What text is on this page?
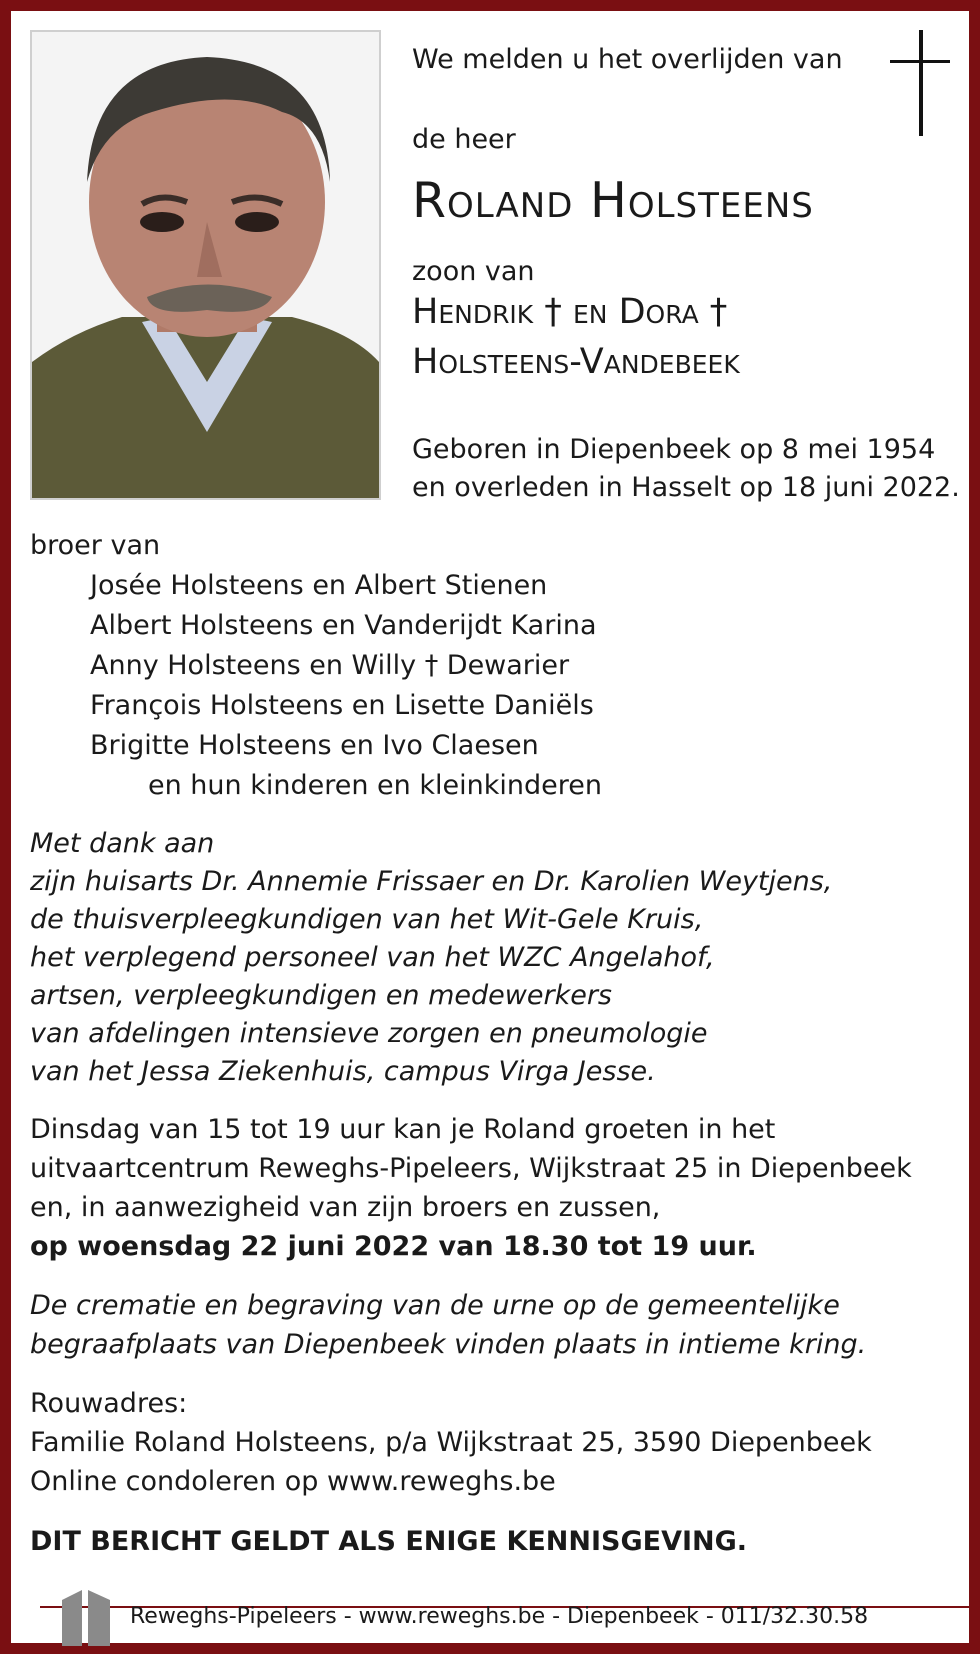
We melden u het overlijden van
de heer
Roland Holsteens
zoon van
Hendrik † en Dora †
Holsteens-Vandebeek
Geboren in Diepenbeek op 8 mei 1954
en overleden in Hasselt op 18 juni 2022.
broer van
Josée Holsteens en Albert Stienen
Albert Holsteens en Vanderijdt Karina
Anny Holsteens en Willy † Dewarier
François Holsteens en Lisette Daniëls
Brigitte Holsteens en Ivo Claesen
en hun kinderen en kleinkinderen
Met dank aan
zijn huisarts Dr. Annemie Frissaer en Dr. Karolien Weytjens,
de thuisverpleegkundigen van het Wit-Gele Kruis,
het verplegend personeel van het WZC Angelahof,
artsen, verpleegkundigen en medewerkers
van afdelingen intensieve zorgen en pneumologie
van het Jessa Ziekenhuis, campus Virga Jesse.
Dinsdag van 15 tot 19 uur kan je Roland groeten in het
uitvaartcentrum Reweghs-Pipeleers, Wijkstraat 25 in Diepenbeek
en, in aanwezigheid van zijn broers en zussen,
op woensdag 22 juni 2022 van 18.30 tot 19 uur.
De crematie en begraving van de urne op de gemeentelijke
begraafplaats van Diepenbeek vinden plaats in intieme kring.
Rouwadres:
Familie Roland Holsteens, p/a Wijkstraat 25, 3590 Diepenbeek
Online condoleren op www.reweghs.be
DIT BERICHT GELDT ALS ENIGE KENNISGEVING.
Reweghs-Pipeleers - www.reweghs.be - Diepenbeek - 011/32.30.58
